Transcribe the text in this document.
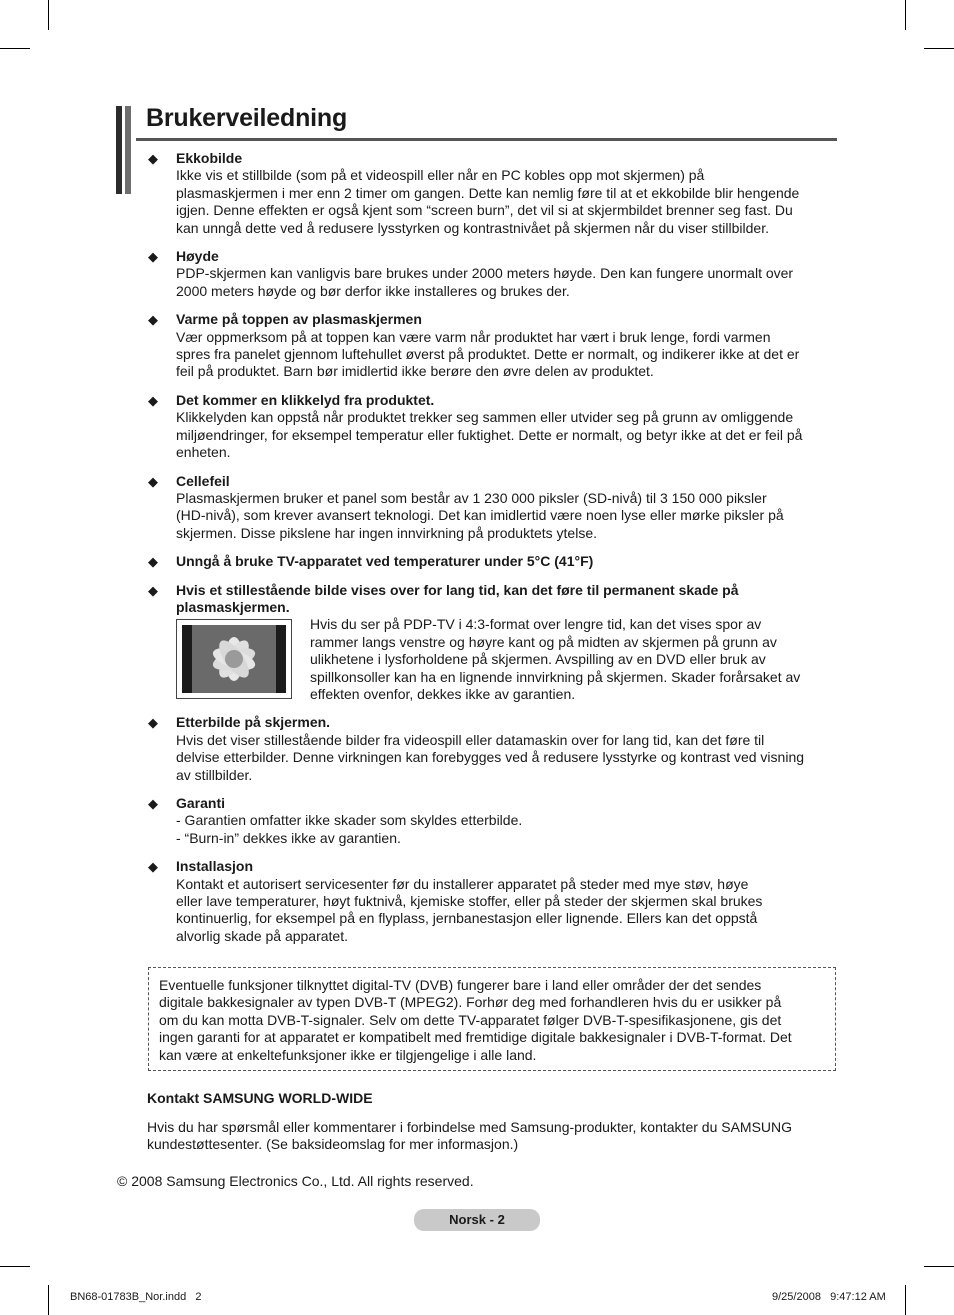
Brukerveiledning
◆ Ekkobilde
Ikke vis et stillbilde (som på et videospill eller når en PC kobles opp mot skjermen) på
plasmaskjermen i mer enn 2 timer om gangen. Dette kan nemlig føre til at et ekkobilde blir hengende
igjen. Denne effekten er også kjent som “screen burn”, det vil si at skjermbildet brenner seg fast. Du
kan unngå dette ved å redusere lysstyrken og kontrastnivået på skjermen når du viser stillbilder.
◆ Høyde
PDP-skjermen kan vanligvis bare brukes under 2000 meters høyde. Den kan fungere unormalt over
2000 meters høyde og bør derfor ikke installeres og brukes der.
◆ Varme på toppen av plasmaskjermen
Vær oppmerksom på at toppen kan være varm når produktet har vært i bruk lenge, fordi varmen
spres fra panelet gjennom luftehullet øverst på produktet. Dette er normalt, og indikerer ikke at det er
feil på produktet. Barn bør imidlertid ikke berøre den øvre delen av produktet.
◆ Det kommer en klikkelyd fra produktet.
Klikkelyden kan oppstå når produktet trekker seg sammen eller utvider seg på grunn av omliggende
miljøendringer, for eksempel temperatur eller fuktighet. Dette er normalt, og betyr ikke at det er feil på
enheten.
◆ Cellefeil
Plasmaskjermen bruker et panel som består av 1 230 000 piksler (SD-nivå) til 3 150 000 piksler
(HD-nivå), som krever avansert teknologi. Det kan imidlertid være noen lyse eller mørke piksler på
skjermen. Disse pikslene har ingen innvirkning på produktets ytelse.
◆ Unngå å bruke TV-apparatet ved temperaturer under 5°C (41°F)
◆ Hvis et stillestående bilde vises over for lang tid, kan det føre til permanent skade på
plasmaskjermen.
Hvis du ser på PDP-TV i 4:3-format over lengre tid, kan det vises spor av
rammer langs venstre og høyre kant og på midten av skjermen på grunn av
ulikhetene i lysforholdene på skjermen. Avspilling av en DVD eller bruk av
spillkonsoller kan ha en lignende innvirkning på skjermen. Skader forårsaket av
effekten ovenfor, dekkes ikke av garantien.
◆ Etterbilde på skjermen.
Hvis det viser stillestående bilder fra videospill eller datamaskin over for lang tid, kan det føre til
delvise etterbilder. Denne virkningen kan forebygges ved å redusere lysstyrke og kontrast ved visning
av stillbilder.
◆ Garanti
- Garantien omfatter ikke skader som skyldes etterbilde.
- “Burn-in” dekkes ikke av garantien.
◆ Installasjon
Kontakt et autorisert servicesenter før du installerer apparatet på steder med mye støv, høye
eller lave temperaturer, høyt fuktnivå, kjemiske stoffer, eller på steder der skjermen skal brukes
kontinuerlig, for eksempel på en flyplass, jernbanestasjon eller lignende. Ellers kan det oppstå
alvorlig skade på apparatet.
Eventuelle funksjoner tilknyttet digital-TV (DVB) fungerer bare i land eller områder der det sendes
digitale bakkesignaler av typen DVB-T (MPEG2). Forhør deg med forhandleren hvis du er usikker på
om du kan motta DVB-T-signaler. Selv om dette TV-apparatet følger DVB-T-spesifikasjonene, gis det
ingen garanti for at apparatet er kompatibelt med fremtidige digitale bakkesignaler i DVB-T-format. Det
kan være at enkeltefunksjoner ikke er tilgjengelige i alle land.
Kontakt SAMSUNG WORLD-WIDE
Hvis du har spørsmål eller kommentarer i forbindelse med Samsung-produkter, kontakter du SAMSUNG
kundestøttesenter. (Se baksideomslag for mer informasjon.)
© 2008 Samsung Electronics Co., Ltd. All rights reserved.
Norsk - 2
BN68-01783B_Nor.indd   2	9/25/2008   9:47:12 AM
